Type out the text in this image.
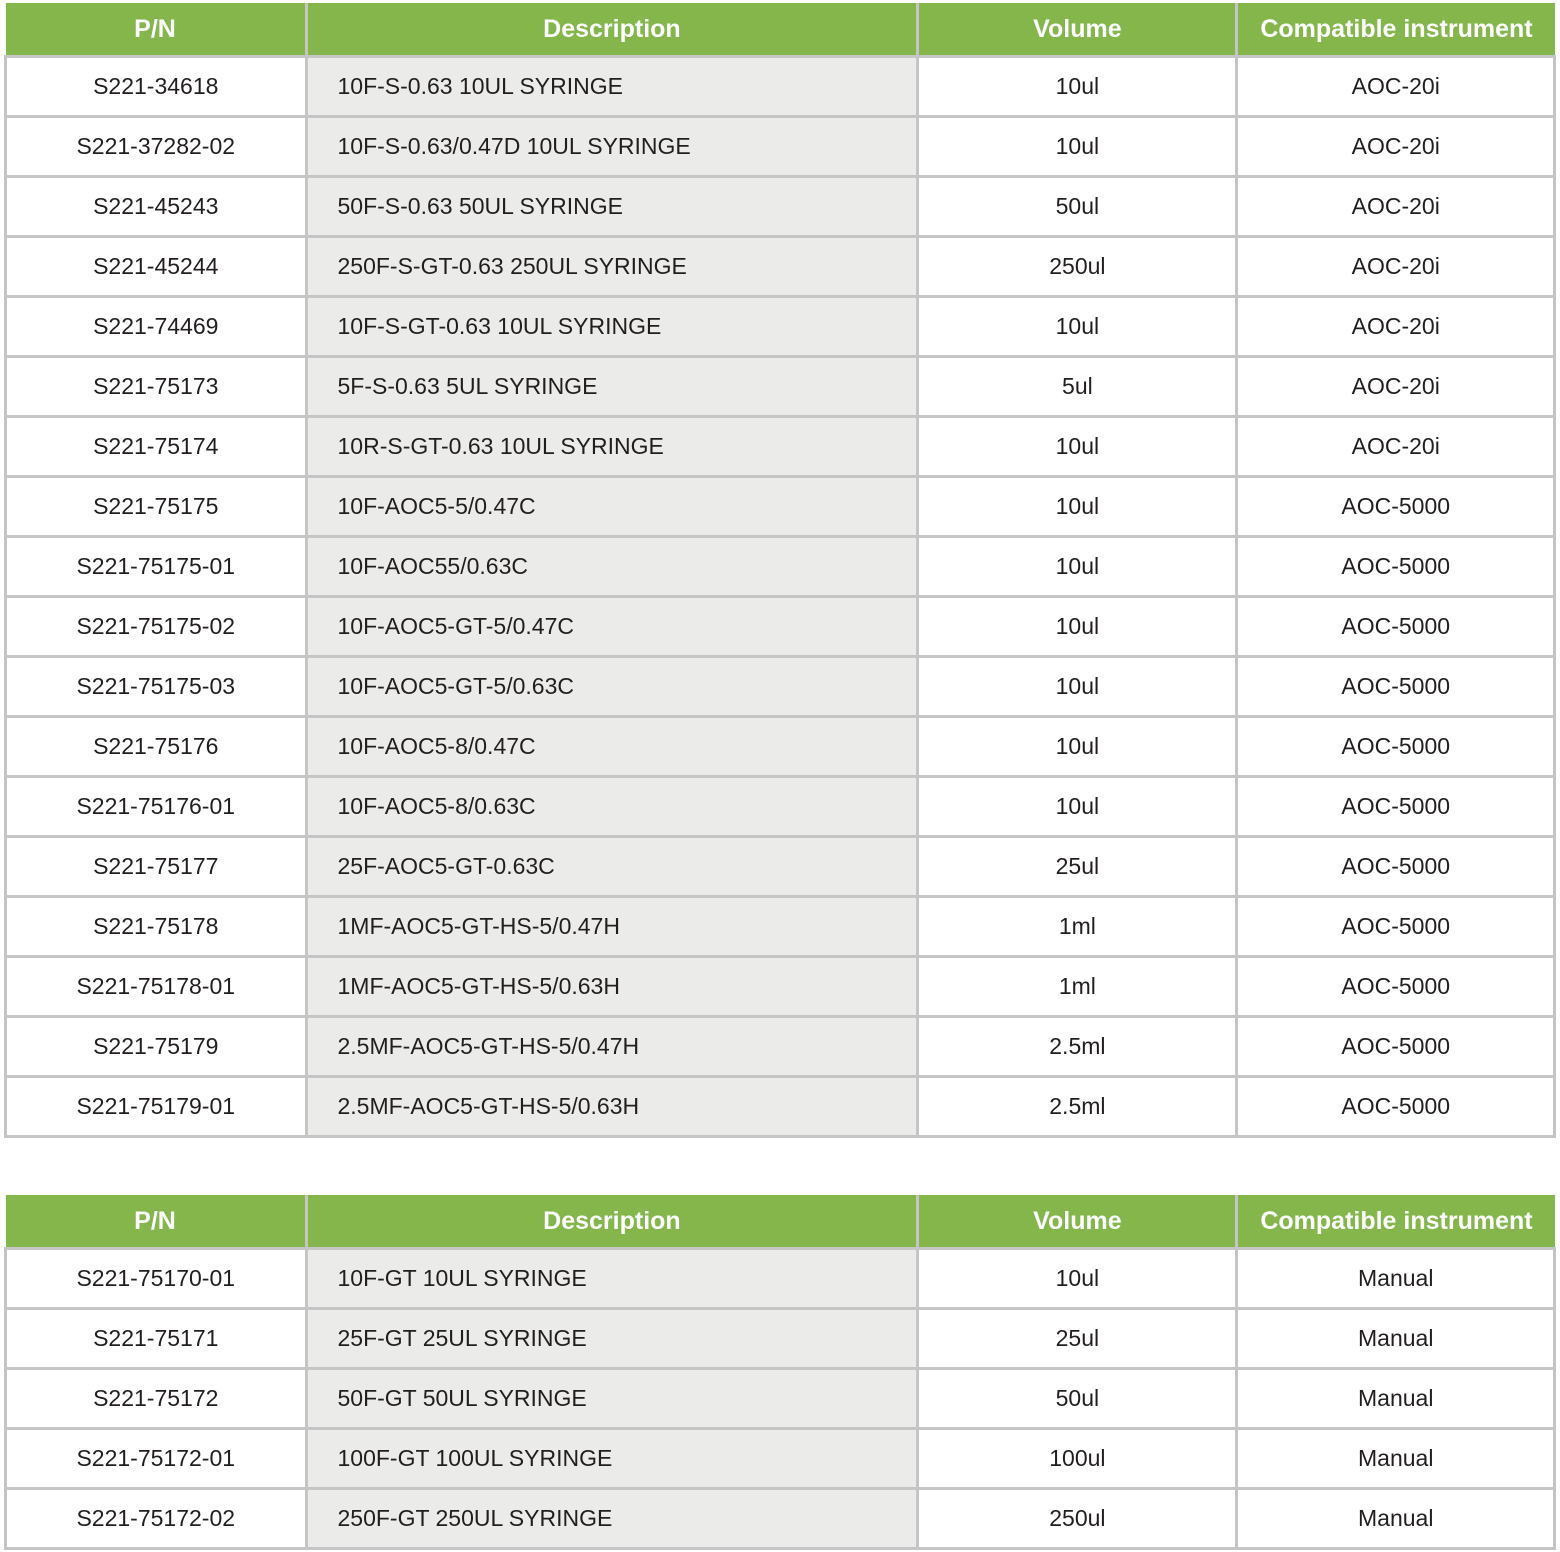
P/N	Description	Volume	Compatible instrument
S221-34618	10F-S-0.63 10UL SYRINGE	10ul	AOC-20i
S221-37282-02	10F-S-0.63/0.47D 10UL SYRINGE	10ul	AOC-20i
S221-45243	50F-S-0.63 50UL SYRINGE	50ul	AOC-20i
S221-45244	250F-S-GT-0.63 250UL SYRINGE	250ul	AOC-20i
S221-74469	10F-S-GT-0.63 10UL SYRINGE	10ul	AOC-20i
S221-75173	5F-S-0.63 5UL SYRINGE	5ul	AOC-20i
S221-75174	10R-S-GT-0.63 10UL SYRINGE	10ul	AOC-20i
S221-75175	10F-AOC5-5/0.47C	10ul	AOC-5000
S221-75175-01	10F-AOC55/0.63C	10ul	AOC-5000
S221-75175-02	10F-AOC5-GT-5/0.47C	10ul	AOC-5000
S221-75175-03	10F-AOC5-GT-5/0.63C	10ul	AOC-5000
S221-75176	10F-AOC5-8/0.47C	10ul	AOC-5000
S221-75176-01	10F-AOC5-8/0.63C	10ul	AOC-5000
S221-75177	25F-AOC5-GT-0.63C	25ul	AOC-5000
S221-75178	1MF-AOC5-GT-HS-5/0.47H	1ml	AOC-5000
S221-75178-01	1MF-AOC5-GT-HS-5/0.63H	1ml	AOC-5000
S221-75179	2.5MF-AOC5-GT-HS-5/0.47H	2.5ml	AOC-5000
S221-75179-01	2.5MF-AOC5-GT-HS-5/0.63H	2.5ml	AOC-5000
P/N	Description	Volume	Compatible instrument
S221-75170-01	10F-GT 10UL SYRINGE	10ul	Manual
S221-75171	25F-GT 25UL SYRINGE	25ul	Manual
S221-75172	50F-GT 50UL SYRINGE	50ul	Manual
S221-75172-01	100F-GT 100UL SYRINGE	100ul	Manual
S221-75172-02	250F-GT 250UL SYRINGE	250ul	Manual
